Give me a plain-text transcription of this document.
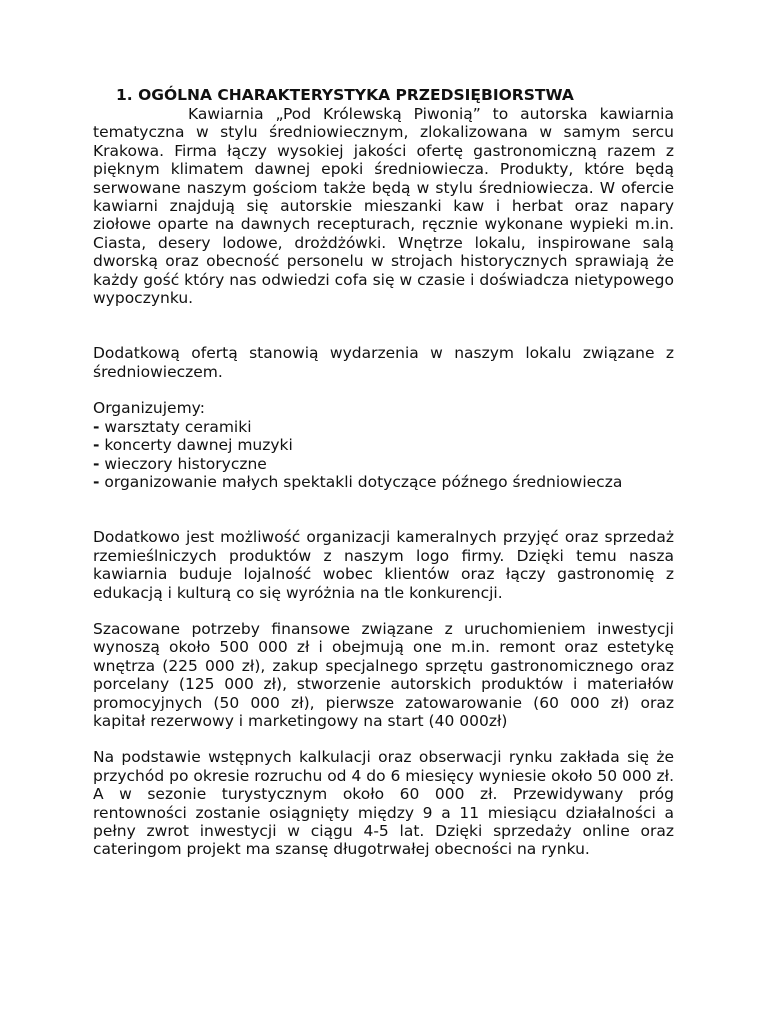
1. OGÓLNA CHARAKTERYSTYKA PRZEDSIĘBIORSTWA

Kawiarnia „Pod Królewską Piwonią” to autorska kawiarnia tematyczna w stylu średniowiecznym, zlokalizowana w samym sercu Krakowa. Firma łączy wysokiej jakości ofertę gastronomiczną razem z pięknym klimatem dawnej epoki średniowiecza. Produkty, które będą serwowane naszym gościom także będą w stylu średniowiecza. W ofercie kawiarni znajdują się autorskie mieszanki kaw i herbat oraz napary ziołowe oparte na dawnych recepturach, ręcznie wykonane wypieki m.in. Ciasta, desery lodowe, drożdżówki. Wnętrze lokalu, inspirowane salą dworską oraz obecność personelu w strojach historycznych sprawiają że każdy gość który nas odwiedzi cofa się w czasie i doświadcza nietypowego wypoczynku.

Dodatkową ofertą stanowią wydarzenia w naszym lokalu związane z średniowieczem.

Organizujemy:
- warsztaty ceramiki
- koncerty dawnej muzyki
- wieczory historyczne
- organizowanie małych spektakli dotyczące późnego średniowiecza

Dodatkowo jest możliwość organizacji kameralnych przyjęć oraz sprzedaż rzemieślniczych produktów z naszym logo firmy. Dzięki temu nasza kawiarnia buduje lojalność wobec klientów oraz łączy gastronomię z edukacją i kulturą co się wyróżnia na tle konkurencji.

Szacowane potrzeby finansowe związane z uruchomieniem inwestycji wynoszą około 500 000 zł i obejmują one m.in. remont oraz estetykę wnętrza (225 000 zł), zakup specjalnego sprzętu gastronomicznego oraz porcelany (125 000 zł), stworzenie autorskich produktów i materiałów promocyjnych (50 000 zł), pierwsze zatowarowanie (60 000 zł) oraz kapitał rezerwowy i marketingowy na start (40 000zł)

Na podstawie wstępnych kalkulacji oraz obserwacji rynku zakłada się że przychód po okresie rozruchu od 4 do 6 miesięcy wyniesie około 50 000 zł. A w sezonie turystycznym około 60 000 zł. Przewidywany próg rentowności zostanie osiągnięty między 9 a 11 miesiącu działalności a pełny zwrot inwestycji w ciągu 4-5 lat. Dzięki sprzedaży online oraz cateringom projekt ma szansę długotrwałej obecności na rynku.
